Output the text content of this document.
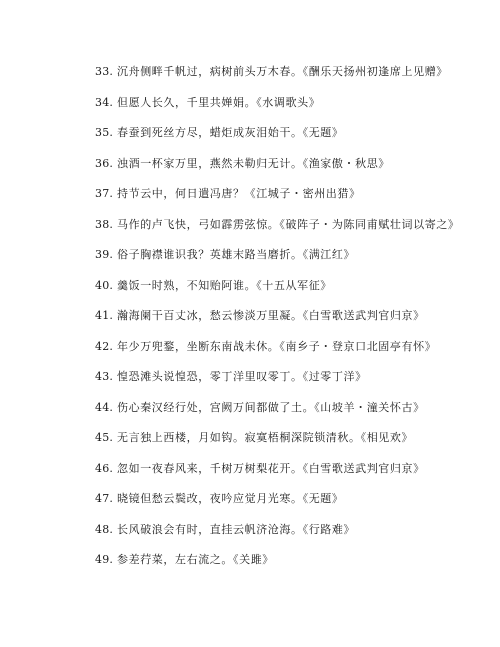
33. 沉舟侧畔千帆过，病树前头万木春。《酬乐天扬州初逢席上见赠》
34. 但愿人长久，千里共婵娟。《水调歌头》
35. 春蚕到死丝方尽，蜡炬成灰泪始干。《无题》
36. 浊酒一杯家万里，燕然未勒归无计。《渔家傲・秋思》
37. 持节云中，何日遣冯唐？《江城子・密州出猎》
38. 马作的卢飞快，弓如霹雳弦惊。《破阵子・为陈同甫赋壮词以寄之》
39. 俗子胸襟谁识我？英雄末路当磨折。《满江红》
40. 羹饭一时熟，不知贻阿谁。《十五从军征》
41. 瀚海阑干百丈冰，愁云惨淡万里凝。《白雪歌送武判官归京》
42. 年少万兜鍪，坐断东南战未休。《南乡子・登京口北固亭有怀》
43. 惶恐滩头说惶恐，零丁洋里叹零丁。《过零丁洋》
44. 伤心秦汉经行处，宫阙万间都做了土。《山坡羊・潼关怀古》
45. 无言独上西楼，月如钩。寂寞梧桐深院锁清秋。《相见欢》
46. 忽如一夜春风来，千树万树梨花开。《白雪歌送武判官归京》
47. 晓镜但愁云鬓改，夜吟应觉月光寒。《无题》
48. 长风破浪会有时，直挂云帆济沧海。《行路难》
49. 参差荇菜，左右流之。《关雎》
